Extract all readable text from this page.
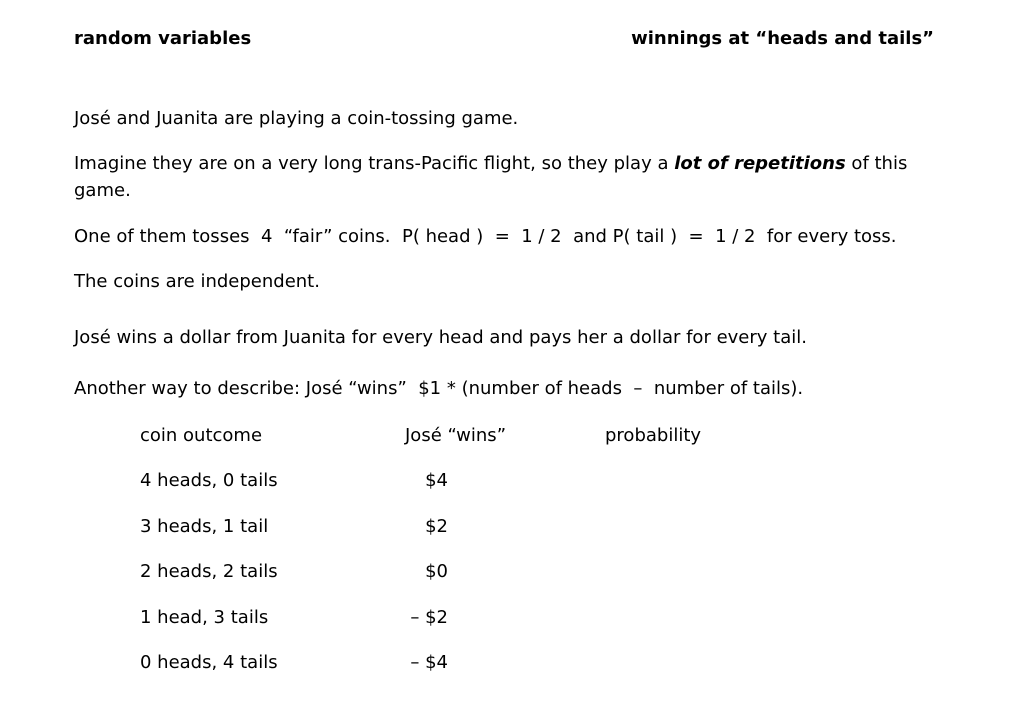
random variables	winnings at “heads and tails”
José and Juanita are playing a coin-tossing game.
Imagine they are on a very long trans-Pacific flight, so they play a lot of repetitions of this game.
One of them tosses  4  “fair” coins.  P( head )  =  1 / 2  and P( tail )  =  1 / 2  for every toss.
The coins are independent.
José wins a dollar from Juanita for every head and pays her a dollar for every tail.
Another way to describe: José “wins”  $1 * (number of heads  –  number of tails).
coin outcome	José “wins”	probability
4 heads, 0 tails	$4
3 heads, 1 tail	$2
2 heads, 2 tails	$0
1 head, 3 tails	– $2
0 heads, 4 tails	– $4
